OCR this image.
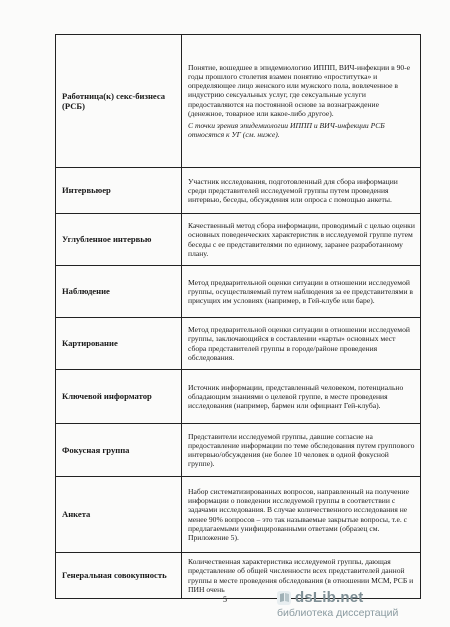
Работница(к) секс-бизнеса (РСБ)	Понятие, вошедшее в эпидемиологию ИППП, ВИЧ-инфекции в 90-е годы прошлого столетия взамен понятию «проститутка» и определяющее лицо женского или мужского пола, вовлеченное в индустрию сексуальных услуг, где сексуальные услуги предоставляются на постоянной основе за вознаграждение (денежное, товарное или какое-либо другое).

С точки зрения эпидемиологии ИППП и ВИЧ-инфекции РСБ относятся к УГ (см. ниже).

Интервьюер	Участник исследования, подготовленный для сбора информации среди представителей исследуемой группы путем проведения интервью, беседы, обсуждения или опроса с помощью анкеты.

Углубленное интервью	Качественный метод сбора информации, проводимый с целью оценки основных поведенческих характеристик в исследуемой группе путем беседы с ее представителями по единому, заранее разработанному плану.

Наблюдение	Метод предварительной оценки ситуации в отношении исследуемой группы, осуществляемый путем наблюдения за ее представителями в присущих им условиях (например, в Гей-клубе или баре).

Картирование	Метод предварительной оценки ситуации в отношении исследуемой группы, заключающийся в составлении «карты» основных мест сбора представителей группы в городе/районе проведения обследования.

Ключевой информатор	Источник информации, представленный человеком, потенциально обладающим знаниями о целевой группе, в месте проведения исследования (например, бармен или официант Гей-клуба).

Фокусная группа	Представители исследуемой группы, давшие согласие на предоставление информации по теме обследования путем группового интервью/обсуждения (не более 10 человек в одной фокусной группе).

Анкета	Набор систематизированных вопросов, направленный на получение информации о поведении исследуемой группы в соответствии с задачами исследования. В случае количественного исследования не менее 90% вопросов – это так называемые закрытые вопросы, т.е. с предлагаемыми унифицированными ответами (образец см. Приложение 5).

Генеральная совокупность	Количественная характеристика исследуемой группы, дающая представление об общей численности всех представителей данной группы в месте проведения обследования (в отношении МСМ, РСБ и ПИН очень

5	dsLib.net
библиотека диссертаций
